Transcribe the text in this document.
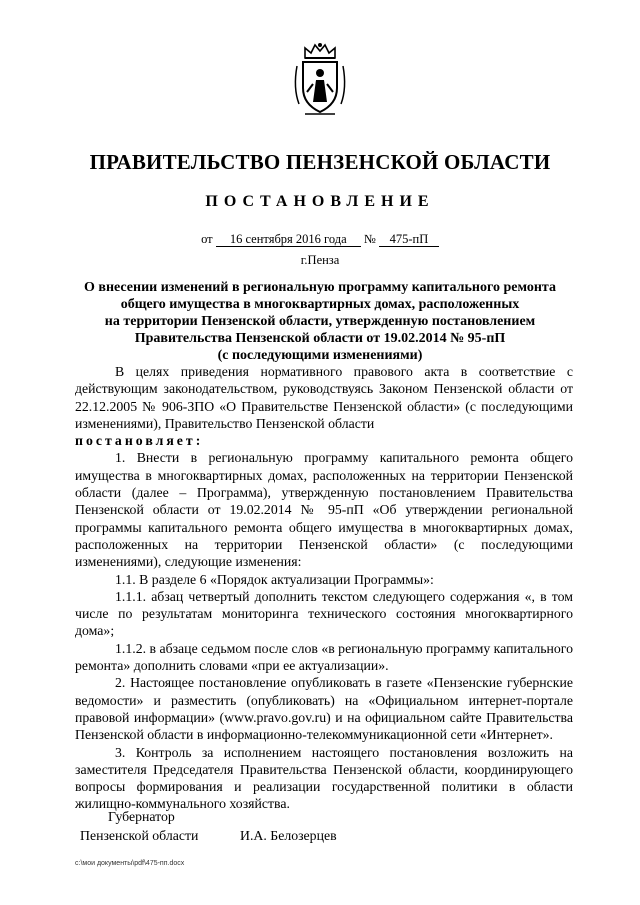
ПРАВИТЕЛЬСТВО ПЕНЗЕНСКОЙ ОБЛАСТИ
ПОСТАНОВЛЕНИЕ
от 16 сентября 2016 года № 475-пП
г.Пенза
О внесении изменений в региональную программу капитального ремонта
общего имущества в многоквартирных домах, расположенных
на территории Пензенской области, утвержденную постановлением
Правительства Пензенской области от 19.02.2014 № 95-пП
(с последующими изменениями)

В целях приведения нормативного правового акта в соответствие с действующим законодательством, руководствуясь Законом Пензенской области от 22.12.2005 № 906-ЗПО «О Правительстве Пензенской области» (с последующими изменениями), Правительство Пензенской области

постановляет:

1. Внести в региональную программу капитального ремонта общего имущества в многоквартирных домах, расположенных на территории Пензенской области (далее – Программа), утвержденную постановлением Правительства Пензенской области от 19.02.2014 № 95-пП «Об утверждении региональной программы капитального ремонта общего имущества в многоквартирных домах, расположенных на территории Пензенской области» (с последующими изменениями), следующие изменения:

1.1. В разделе 6 «Порядок актуализации Программы»:

1.1.1. абзац четвертый дополнить текстом следующего содержания «, в том числе по результатам мониторинга технического состояния многоквартирного дома»;

1.1.2. в абзаце седьмом после слов «в региональную программу капитального ремонта» дополнить словами «при ее актуализации».

2. Настоящее постановление опубликовать в газете «Пензенские губернские ведомости» и разместить (опубликовать) на «Официальном интернет-портале правовой информации» (www.pravo.gov.ru) и на официальном сайте Правительства Пензенской области в информационно-телекоммуникационной сети «Интернет».

3. Контроль за исполнением настоящего постановления возложить на заместителя Председателя Правительства Пензенской области, координирующего вопросы формирования и реализации государственной политики в области жилищно-коммунального хозяйства.

Губернатор
Пензенской области	И.А. Белозерцев
c:\мои документы\pdf\475-пп.docx
